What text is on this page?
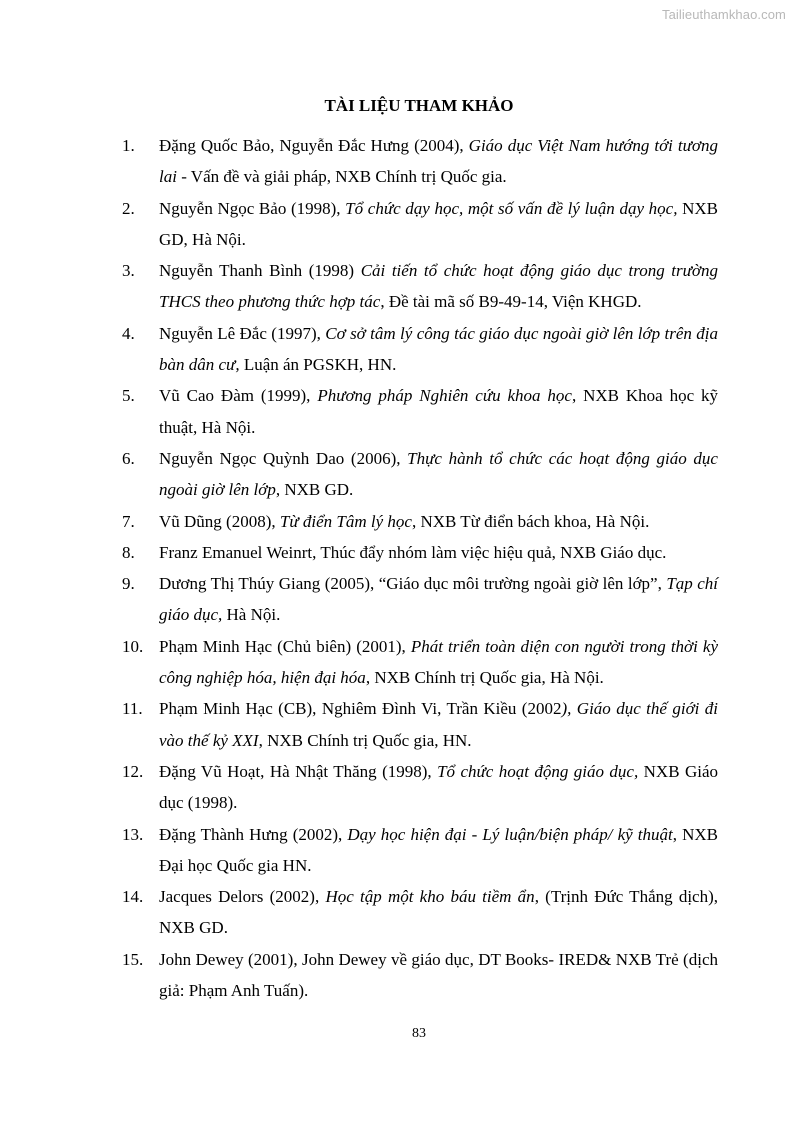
Tailieuthamkhao.com
TÀI LIỆU THAM KHẢO
1. Đặng Quốc Bảo, Nguyễn Đắc Hưng (2004), Giáo dục Việt Nam hướng tới tương lai - Vấn đề và giải pháp, NXB Chính trị Quốc gia.
2. Nguyễn Ngọc Bảo (1998), Tổ chức dạy học, một số vấn đề lý luận dạy học, NXB GD, Hà Nội.
3. Nguyễn Thanh Bình (1998) Cải tiến tổ chức hoạt động giáo dục trong trường THCS theo phương thức hợp tác, Đề tài mã số B9-49-14, Viện KHGD.
4. Nguyễn Lê Đắc (1997), Cơ sở tâm lý công tác giáo dục ngoài giờ lên lớp trên địa bàn dân cư, Luận án PGSKH, HN.
5. Vũ Cao Đàm (1999), Phương pháp Nghiên cứu khoa học, NXB Khoa học kỹ thuật, Hà Nội.
6. Nguyễn Ngọc Quỳnh Dao (2006), Thực hành tổ chức các hoạt động giáo dục ngoài giờ lên lớp, NXB GD.
7. Vũ Dũng (2008), Từ điển Tâm lý học, NXB Từ điển bách khoa, Hà Nội.
8. Franz Emanuel Weinrt, Thúc đẩy nhóm làm việc hiệu quả, NXB Giáo dục.
9. Dương Thị Thúy Giang (2005), “Giáo dục môi trường ngoài giờ lên lớp”, Tạp chí giáo dục, Hà Nội.
10. Phạm Minh Hạc (Chủ biên) (2001), Phát triển toàn diện con người trong thời kỳ công nghiệp hóa, hiện đại hóa, NXB Chính trị Quốc gia, Hà Nội.
11. Phạm Minh Hạc (CB), Nghiêm Đình Vi, Trần Kiều (2002), Giáo dục thế giới đi vào thế kỷ XXI, NXB Chính trị Quốc gia, HN.
12. Đặng Vũ Hoạt, Hà Nhật Thăng (1998), Tổ chức hoạt động giáo dục, NXB Giáo dục (1998).
13. Đặng Thành Hưng (2002), Dạy học hiện đại - Lý luận/biện pháp/ kỹ thuật, NXB Đại học Quốc gia HN.
14. Jacques Delors (2002), Học tập một kho báu tiềm ẩn, (Trịnh Đức Thắng dịch), NXB GD.
15. John Dewey (2001), John Dewey về giáo dục, DT Books- IRED& NXB Trẻ (dịch giả: Phạm Anh Tuấn).
83
